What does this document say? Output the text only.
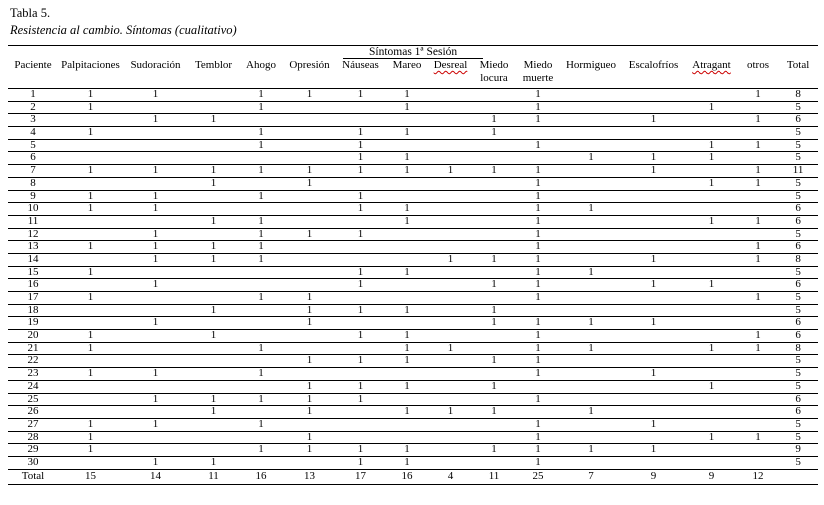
Tabla 5.
Resistencia al cambio. Síntomas (cualitativo)
Síntomas 1ª Sesión															
Paciente	Palpitaciones	Sudoración	Temblor	Ahogo	Opresión	Náuseas	Mareo	Desreal	Miedo locura	Miedo muerte	Hormigueo	Escalofríos	Atragant	otros	Total
1	1	1		1	1	1	1			1				1	8
2	1			1			1			1			1		5
3		1	1						1	1		1		1	6
4	1			1		1	1		1						5
5				1		1				1			1	1	5
6						1	1				1	1	1		5
7	1	1	1	1	1	1	1	1	1	1		1		1	11
8			1		1					1			1	1	5
9	1	1		1		1				1					5
10	1	1				1	1			1	1				6
11			1	1			1			1			1	1	6
12		1		1	1	1				1					5
13	1	1	1	1						1				1	6
14		1	1	1				1	1	1		1		1	8
15	1					1	1			1	1				5
16		1				1			1	1		1	1		6
17	1			1	1					1				1	5
18			1		1	1	1		1						5
19		1			1				1	1	1	1			6
20	1		1			1	1			1				1	6
21	1			1			1	1		1	1		1	1	8
22					1	1	1		1	1					5
23	1	1		1						1		1			5
24					1	1	1		1				1		5
25		1	1	1	1	1				1					6
26			1		1		1	1	1		1				6
27	1	1		1						1		1			5
28	1				1					1			1	1	5
29	1			1	1	1	1		1	1	1	1			9
30		1	1			1	1			1					5
Total	15	14	11	16	13	17	16	4	11	25	7	9	9	12	
